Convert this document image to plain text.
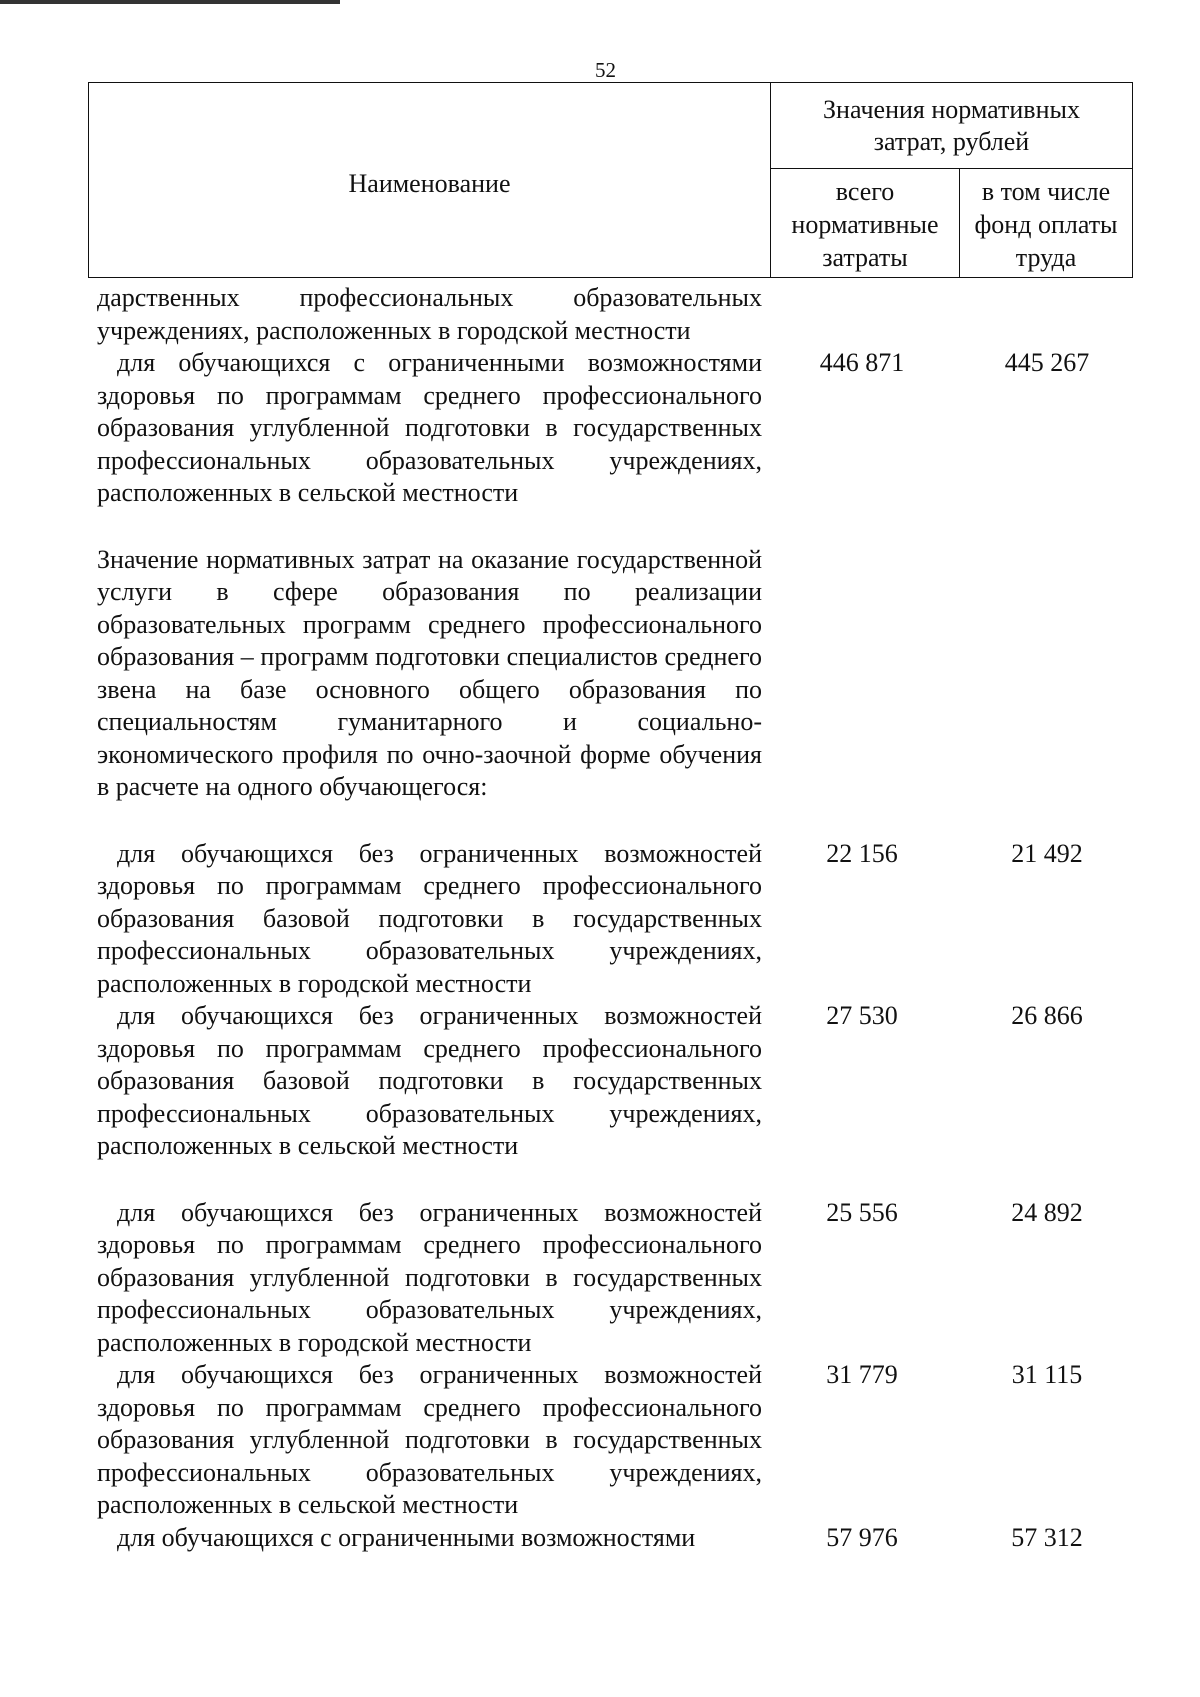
52
Наименование
Значения нормативных затрат, рублей
всего нормативные затраты
в том числе фонд оплаты труда
дарственных профессиональных образовательных учреждениях, расположенных в городской местности
для обучающихся с ограниченными возможностями здоровья по программам среднего профессионального образования углубленной подготовки в государственных профессиональных образовательных учреждениях, расположенных в сельской местности
446 871	445 267
Значение нормативных затрат на оказание государственной услуги в сфере образования по реализации образовательных программ среднего профессионального образования – программ подготовки специалистов среднего звена на базе основного общего образования по специальностям гуманитарного и социально-экономического профиля по очно-заочной форме обучения в расчете на одного обучающегося:
для обучающихся без ограниченных возможностей здоровья по программам среднего профессионального образования базовой подготовки в государственных профессиональных образовательных учреждениях, расположенных в городской местности
22 156	21 492
для обучающихся без ограниченных возможностей здоровья по программам среднего профессионального образования базовой подготовки в государственных профессиональных образовательных учреждениях, расположенных в сельской местности
27 530	26 866
для обучающихся без ограниченных возможностей здоровья по программам среднего профессионального образования углубленной подготовки в государственных профессиональных образовательных учреждениях, расположенных в городской местности
25 556	24 892
для обучающихся без ограниченных возможностей здоровья по программам среднего профессионального образования углубленной подготовки в государственных профессиональных образовательных учреждениях, расположенных в сельской местности
31 779	31 115
для обучающихся с ограниченными возможностями	57 976	57 312
